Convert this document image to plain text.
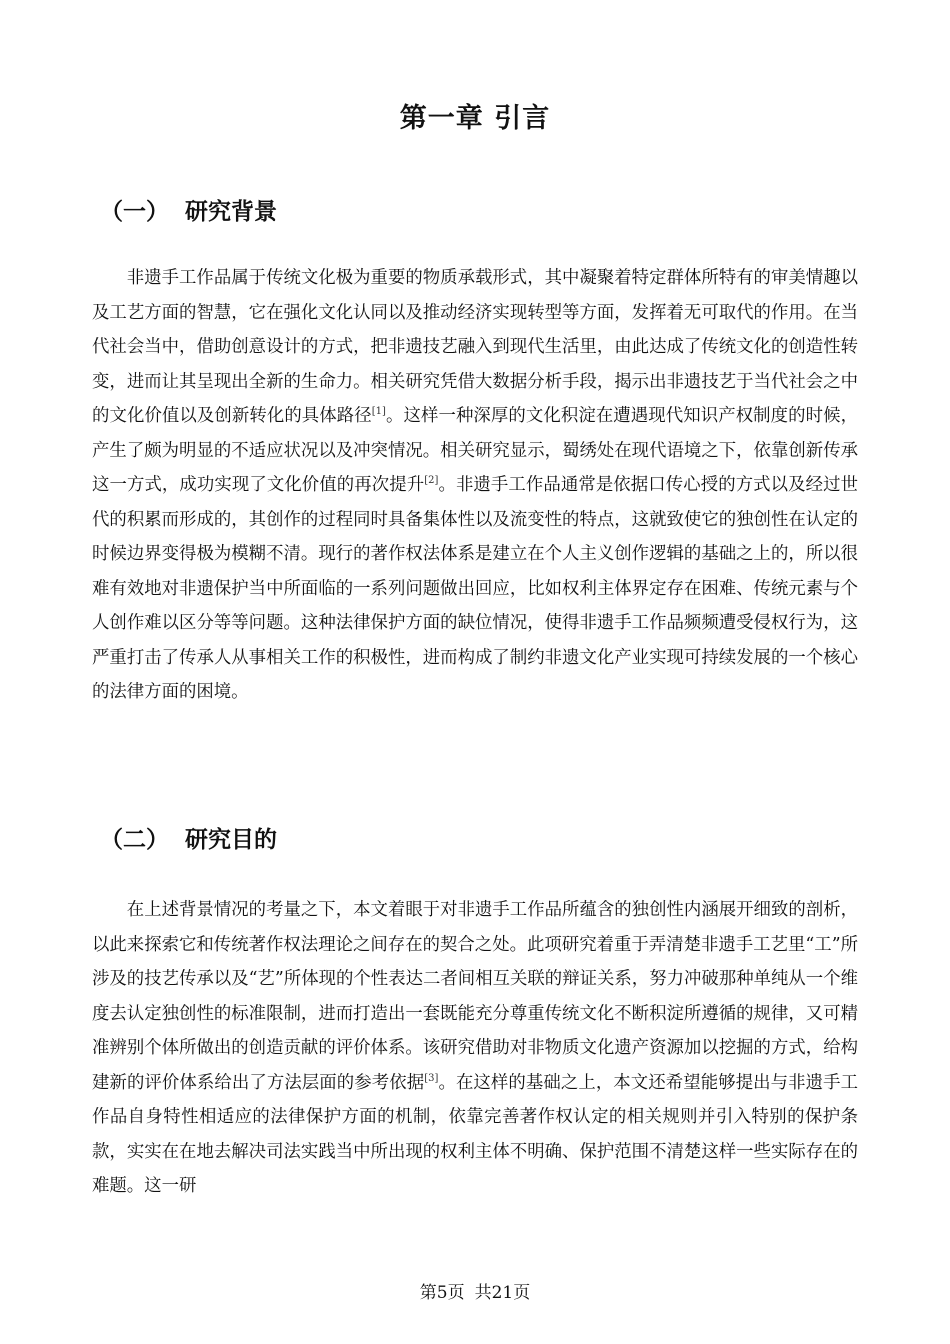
第一章 引言
（一） 研究背景

非遗手工作品属于传统文化极为重要的物质承载形式，其中凝聚着特定群体所特有的审美情趣以及工艺方面的智慧，它在强化文化认同以及推动经济实现转型等方面，发挥着无可取代的作用。在当代社会当中，借助创意设计的方式，把非遗技艺融入到现代生活里，由此达成了传统文化的创造性转变，进而让其呈现出全新的生命力。相关研究凭借大数据分析手段，揭示出非遗技艺于当代社会之中的文化价值以及创新转化的具体路径[1]。这样一种深厚的文化积淀在遭遇现代知识产权制度的时候，产生了颇为明显的不适应状况以及冲突情况。相关研究显示，蜀绣处在现代语境之下，依靠创新传承这一方式，成功实现了文化价值的再次提升[2]。非遗手工作品通常是依据口传心授的方式以及经过世代的积累而形成的，其创作的过程同时具备集体性以及流变性的特点，这就致使它的独创性在认定的时候边界变得极为模糊不清。现行的著作权法体系是建立在个人主义创作逻辑的基础之上的，所以很难有效地对非遗保护当中所面临的一系列问题做出回应，比如权利主体界定存在困难、传统元素与个人创作难以区分等等问题。这种法律保护方面的缺位情况，使得非遗手工作品频频遭受侵权行为，这严重打击了传承人从事相关工作的积极性，进而构成了制约非遗文化产业实现可持续发展的一个核心的法律方面的困境。

（二） 研究目的

在上述背景情况的考量之下，本文着眼于对非遗手工作品所蕴含的独创性内涵展开细致的剖析，以此来探索它和传统著作权法理论之间存在的契合之处。此项研究着重于弄清楚非遗手工艺里“工”所涉及的技艺传承以及“艺”所体现的个性表达二者间相互关联的辩证关系，努力冲破那种单纯从一个维度去认定独创性的标准限制，进而打造出一套既能充分尊重传统文化不断积淀所遵循的规律，又可精准辨别个体所做出的创造贡献的评价体系。该研究借助对非物质文化遗产资源加以挖掘的方式，给构建新的评价体系给出了方法层面的参考依据[3]。在这样的基础之上，本文还希望能够提出与非遗手工作品自身特性相适应的法律保护方面的机制，依靠完善著作权认定的相关规则并引入特别的保护条款，实实在在地去解决司法实践当中所出现的权利主体不明确、保护范围不清楚这样一些实际存在的难题。这一研

第5页 共21页
